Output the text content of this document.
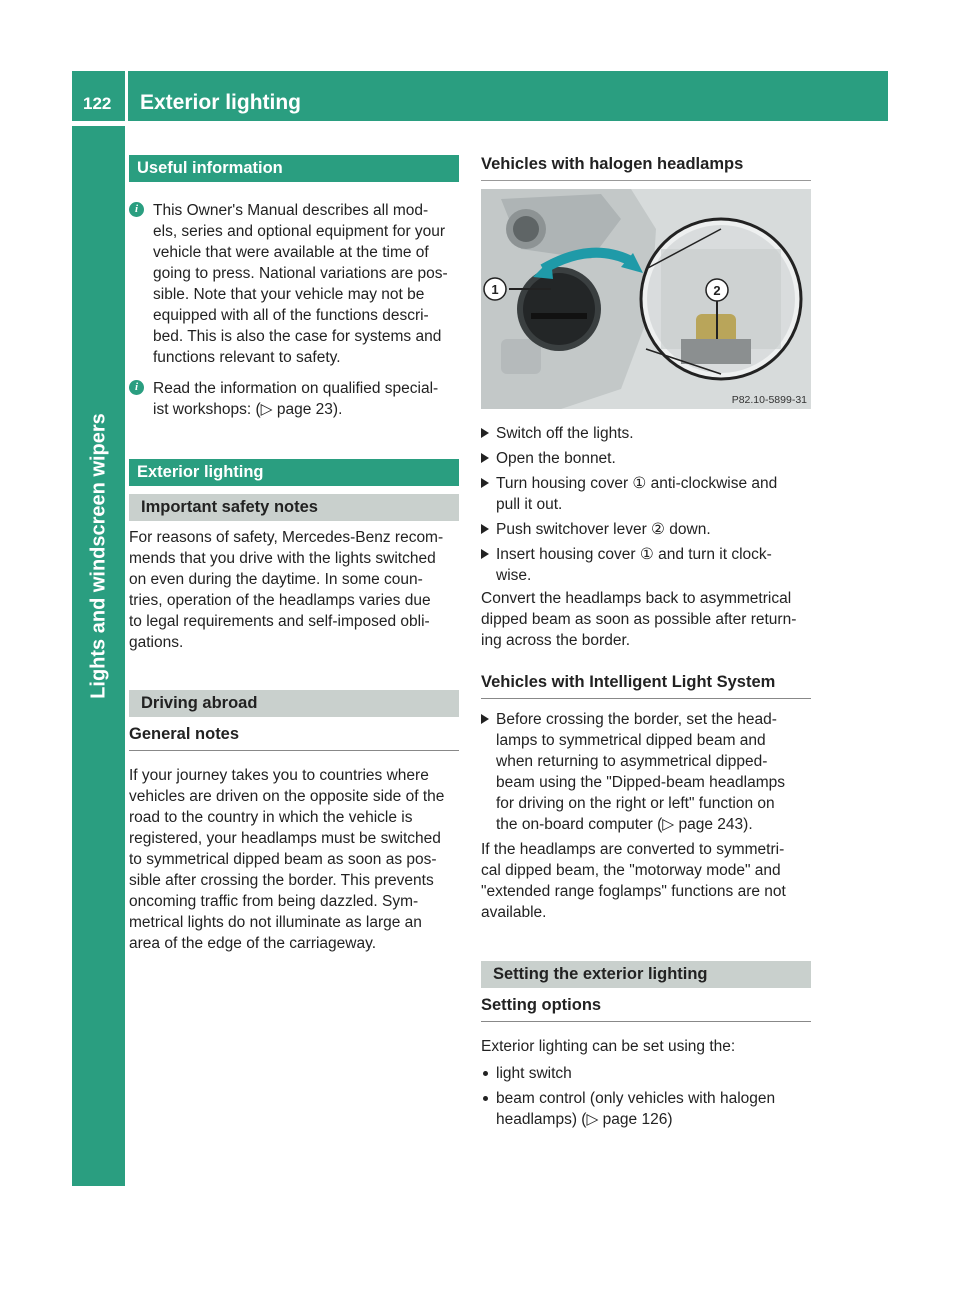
122 Exterior lighting
Lights and windscreen wipers
Useful information
i This Owner's Manual describes all mod-
els, series and optional equipment for your
vehicle that were available at the time of
going to press. National variations are pos-
sible. Note that your vehicle may not be
equipped with all of the functions descri-
bed. This is also the case for systems and
functions relevant to safety.
i Read the information on qualified special-
ist workshops: (▷ page 23).
Exterior lighting
Important safety notes
For reasons of safety, Mercedes-Benz recom-
mends that you drive with the lights switched
on even during the daytime. In some coun-
tries, operation of the headlamps varies due
to legal requirements and self-imposed obli-
gations.
Driving abroad
General notes
If your journey takes you to countries where
vehicles are driven on the opposite side of the
road to the country in which the vehicle is
registered, your headlamps must be switched
to symmetrical dipped beam as soon as pos-
sible after crossing the border. This prevents
oncoming traffic from being dazzled. Sym-
metrical lights do not illuminate as large an
area of the edge of the carriageway.
Vehicles with halogen headlamps
1	2
P82.10-5899-31
Switch off the lights.
Open the bonnet.
Turn housing cover ① anti-clockwise and
pull it out.
Push switchover lever ② down.
Insert housing cover ① and turn it clock-
wise.
Convert the headlamps back to asymmetrical
dipped beam as soon as possible after return-
ing across the border.
Vehicles with Intelligent Light System
Before crossing the border, set the head-
lamps to symmetrical dipped beam and
when returning to asymmetrical dipped-
beam using the "Dipped-beam headlamps
for driving on the right or left" function on
the on-board computer (▷ page 243).
If the headlamps are converted to symmetri-
cal dipped beam, the "motorway mode" and
"extended range foglamps" functions are not
available.
Setting the exterior lighting
Setting options
Exterior lighting can be set using the:
light switch
beam control (only vehicles with halogen
headlamps) (▷ page 126)
